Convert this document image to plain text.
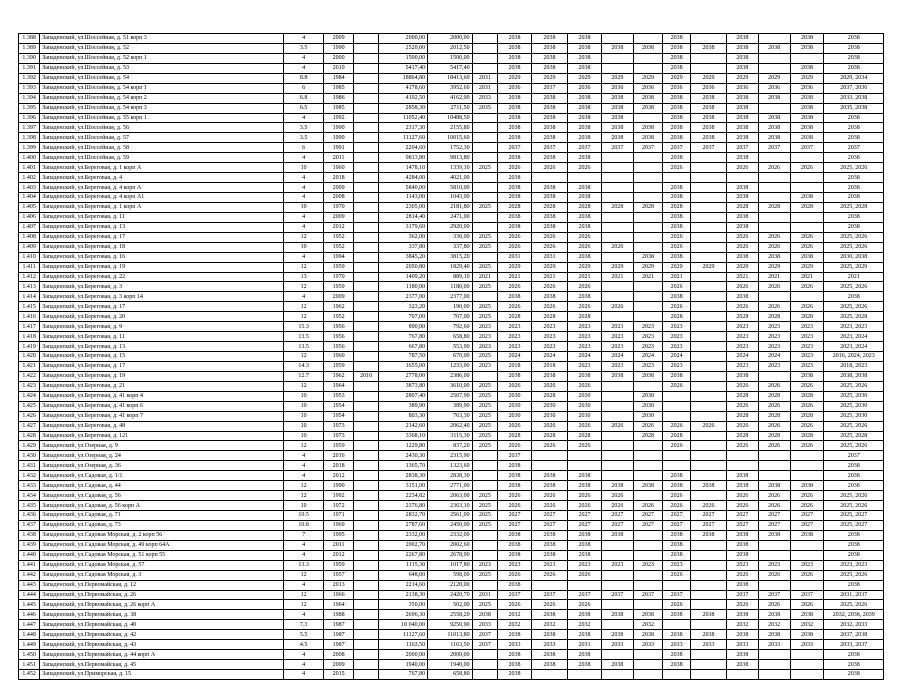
1.388	Западенский, ул.Шоссейная, д. 51 корп 3	4	2009		2000,00	2000,00		2038	2038	2038			2038		2038		2038	2038
1.389	Западенский, ул.Шоссейная, д. 52	3.5	1990		2520,00	2012,50		2038	2038	2038	2038	2038	2038	2038	2038	2038	2038	2038
1.390	Западенский, ул.Шоссейная, д. 52 корп 1	4	2000		1500,00	1500,00		2038	2038	2038			2038		2038			2038
1.391	Западенский, ул.Шоссейная, д. 53	4	2010		5417,40	5417,40		2038	2038	2038			2038		2038		2038	2038
1.392	Западенский, ул.Шоссейная, д. 54	8.8	1984		18864,80	18413,60	2031	2029	2029	2029	2029	2029	2029	2029	2029	2029	2029	2029, 2034
1.393	Западенский, ул.Шоссейная, д. 54 корп 1	6	1985		4178,60	3952,60	2031	2036	2037	2036	2036	2036	2036	2036	2036	2036	2036	2037, 2036
1.394	Западенский, ул.Шоссейная, д. 54 корп 2	6.8	1986		4102,50	4162,90	2033	2038	2038	2038	2038	2038	2038	2038	2038	2038	2038	2033, 2038
1.395	Западенский, ул.Шоссейная, д. 54 корп 3	6.5	1985		2858,30	2711,50	2035	2038	2038	2038	2038	2038	2038	2038	2038		2038	2035, 2038
1.396	Западенский, ул.Шоссейная, д. 55 корп 1	4	1992		11052,40	10488,50		2038	2038	2038	2038		2038	2038	2038	2038	2038	2038
1.397	Западенский, ул.Шоссейная, д. 56	3.5	1990		2317,30	2155,80		2038	2038	2038	2038	2038	2038	2038	2038	2038	2038	2038
1.398	Западенский, ул.Шоссейная, д. 57	3.5	1990		11127,60	10015,60		2038	2038	2038	2038	2038	2038	2038	2038	2038	2038	2038
1.399	Западенский, ул.Шоссейная, д. 58	6	1991		2204,60	1752,30		2037	2037	2037	2037	2037	2037	2037	2037	2037	2037	2037
1.400	Западенский, ул.Шоссейная, д. 59	4	2011		9813,80	9813,80		2038	2038	2038			2038		2038			2038
1.401	Западенский, ул.Береговая, д. 1 корп А	10	1960		1478,10	1339,10	2025	2026	2026	2026			2026		2026	2026	2026	2025, 2026
1.402	Западенский, ул.Береговая, д. 4	4	2018		4284,00	4021,00		2038										2038
1.403	Западенский, ул.Береговая, д. 4 корп А	4	2009		5840,00	5810,00		2038	2038	2038			2038		2038			2038
1.404	Западенский, ул.Береговая, д. 4 корп А1	4	2008		1143,00	1043,00		2038	2038	2038			2038		2038		2038	2038
1.405	Западенский, ул.Береговая, д. 1 корп А	10	1970		2305,00	2181,80	2025	2028	2028	2028	2028	2028	2028		2028	2028	2028	2025, 2028
1.406	Западенский, ул.Береговая, д. 11	4	2009		2814,40	2471,90		2038	2038	2038			2038		2038			2038
1.407	Западенский, ул.Береговая, д. 13	4	2012		3179,60	2920,00		2038	2038	2038			2038		2038			2038
1.408	Западенский, ул.Береговая, д. 17	12	1952		362,00	330,00	2025	2026	2026	2026			2026		2026	2026	2026	2025, 2026
1.409	Западенский, ул.Береговая, д. 18	10	1952		337,80	337,80	2025	2026	2026	2026	2026		2026		2026	2026	2026	2025, 2026
1.410	Западенский, ул.Береговая, д. 16	4	1994		3845,20	3815,20		2031	2031	2038		2038	2038		2038	2038	2038	2030, 2038
1.411	Западенский, ул.Береговая, д. 19	12	1959		2050,80	1829,40	2025	2029	2029	2029	2029	2029	2029	2029	2029	2029	2029	2025, 2029
1.412	Западенский, ул.Береговая, д. 22	13	1970		1409,20	889,10	2021	2021	2021	2021	2021	2021	2021		2021	2021	2021	2021
1.413	Западенский, ул.Береговая, д. 3	12	1959		1180,00	1180,00	2025	2026	2026	2026			2026		2026	2026	2026	2025, 2026
1.414	Западенский, ул.Береговая, д. 3 корп 14	4	2009		2377,00	2377,00		2038	2038	2038			2038		2038			2038
1.415	Западенский, ул.Береговая, д. 17	12	1962		323,20	190,00	2025	2026	2026	2026	2026		2026		2026	2026	2026	2025, 2026
1.416	Западенский, ул.Береговая, д. 20	12	1952		707,00	707,00	2025	2028	2028	2028			2028		2028	2028	2028	2025, 2028
1.417	Западенский, ул.Береговая, д. 9	15.3	1956		890,00	792,60	2023	2023	2023	2023	2023	2023	2023		2023	2023	2023	2023, 2023
1.418	Западенский, ул.Береговая, д. 11	13.5	1956		767,80	658,80	2023	2023	2023	2023	2023	2023	2023		2023	2023	2023	2023, 2024
1.419	Западенский, ул.Береговая, д. 13	13.5	1956		667,80	553,90	2023	2023	2023	2023	2023	2023	2023		2023	2023	2023	2023, 2024
1.420	Западенский, ул.Береговая, д. 15	12	1960		787,50	670,00	2025	2024	2024	2024	2024	2024	2024		2024	2024	2023	2016, 2024, 2023
1.421	Западенский, ул.Береговая, д. 17	14.3	1959		1655,00	1233,00	2023	2018	2018	2023	2023	2023	2023		2023	2023	2023	2018, 2023
1.422	Западенский, ул.Береговая, д. 19	12.7	1962	2010	2778,00	2386,00		2038	2038	2038	2038	2038	2038		2038		2038	2038, 2038
1.423	Западенский, ул.Береговая, д. 21	12	1964		3873,80	3610,00	2025	2026	2026	2026			2026		2026	2026	2026	2025, 2026
1.424	Западенский, ул.Береговая, д. 41 корп 4	10	1953		2807,40	2507,90	2025	2030	2028	2030		2030			2028	2028	2028	2025, 2030
1.425	Западенский, ул.Береговая, д. 41 корп 6	10	1954		389,90	389,90	2025	2030	2030	2030		2030			2026	2026	2026	2025, 2030
1.426	Западенский, ул.Береговая, д. 41 корп 7	10	1954		803,30	763,30	2025	2030	2030	2030		2030			2028	2028	2028	2025, 2030
1.427	Западенский, ул.Береговая, д. 48	10	1973		2142,60	2062,40	2025	2026	2026	2026	2026	2026	2026	2026	2026	2026	2026	2025, 2026
1.428	Западенский, ул.Береговая, д. 121	10	1973		3368,10	3115,30	2025	2028	2028	2028		2028	2028		2028	2028	2028	2025, 2028
1.429	Западенский, ул.Озерная, д. 9	12	1959		1229,80	837,20	2025	2026	2026	2026			2026		2026	2026	2026	2025, 2026
1.430	Западенский, ул.Озерная, д. 24	4	2016		2430,30	2315,90		2037										2037
1.431	Западенский, ул.Озерная, д. 36	4	2018		1365,70	1323,60		2038										2038
1.432	Западенский, ул.Садовая, д. 1/1	4	2012		2838,30	2838,30		2038	2038	2038			2038		2038			2038
1.433	Западенский, ул.Садовая, д. 44	12	1990		3151,00	2771,00		2038	2038	2038	2038	2038	2038	2038	2038	2038	2038	2038
1.434	Западенский, ул.Садовая, д. 56	12	1992		2234,82	2063,00	2025	2026	2026	2026	2026		2026		2026	2026	2026	2025, 2026
1.435	Западенский, ул.Садовая, д. 56 корп А	10	1972		2376,80	2363,10	2025	2026	2026	2026	2026	2026	2026	2026	2026	2026	2026	2025, 2026
1.436	Западенский, ул.Садовая, д. 71	10.5	1971		2832,70	2561,00	2025	2027	2027	2027	2027	2027	2027	2027	2027	2027	2027	2025, 2027
1.437	Западенский, ул.Садовая, д. 73	10.8	1969		2787,60	2450,00	2025	2027	2027	2027	2027	2027	2027	2027	2027	2027	2027	2025, 2027
1.438	Западенский, ул.Садовая Морская, д. 2 корп 56	7	1995		2332,00	2332,00		2038	2038	2038	2038		2038	2038	2038	2038	2038	2038
1.439	Западенский, ул.Садовая Морская, д. 49 корп 64А	4	2011		2002,70	2002,60		2038	2038	2038			2038		2038			2038
1.440	Западенский, ул.Садовая Морская, д. 51 корп 55	4	2012		2267,80	2678,90		2038	2038	2038			2038		2038			2038
1.441	Западенский, ул.Садовая Морская, д. 57	13.3	1959		1115,30	1017,80	2023	2023	2023	2023	2023	2023	2023		2023	2023	2023	2023, 2023
1.442	Западенский, ул.Садовая Морская, д. 3	12	1957		648,00	598,00	2025	2026	2026	2026			2026		2026	2026	2026	2025, 2026
1.443	Западенский, ул.Первомайская, д. 12	4	2013		2214,60	2120,00		2038							2038			2038
1.444	Западенский, ул.Первомайская, д. 26	12	1966		2138,30	2420,70	2031	2037	2037	2037	2037	2037	2037		2037	2037	2037	2031, 2037
1.445	Западенский, ул.Первомайская, д. 26 корп А	12	1964		350,00	502,00	2025	2026	2026	2026			2026		2026	2026	2026	2025, 2026
1.446	Западенский, ул.Первомайская, д. 38	4	1988		2696,30	2558,20	2038	2032	2038	2038	2038	2038	2038	2038	2038	2038	2038	2032, 2038, 2039
1.447	Западенский, ул.Первомайская, д. 40	7.3	1987		10 040,00	9250,90	2033	2032	2032	2032		2032			2032	2032	2032	2032, 2033
1.448	Западенский, ул.Первомайская, д. 42	5.5	1987		11127,60	11013,80	2037	2038	2038	2038	2038	2038	2038	2038	2038	2038	2038	2037, 2038
1.449	Западенский, ул.Первомайская, д. 43	4.5	1987		1163,50	1163,50	2037	2033	2033	2033	2033	2033	2033	2033	2033	2033	2033	2033, 2037
1.450	Западенский, ул.Первомайская, д. 44 корп А	4	2008		2000,00	2000,00		2038	2038	2038			2038		2038			2038
1.451	Западенский, ул.Первомайская, д. 45	4	2009		1940,00	1940,00		2038	2038	2038	2038		2038		2038			2038
1.452	Западенский, ул.Приморская, д. 15	4	2015		767,80	658,80		2038										2038
